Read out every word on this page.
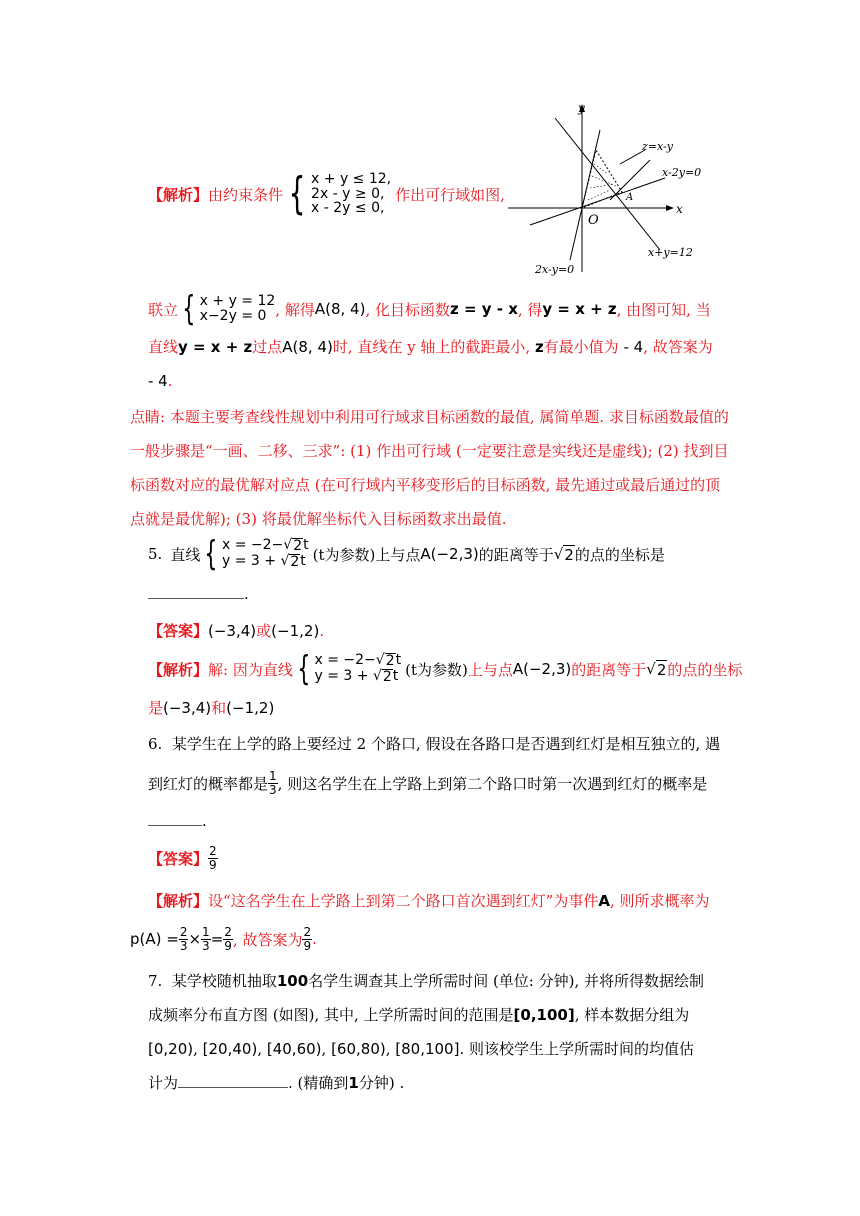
y
x
O
A
z=x-y
x-2y=0
x+y=12
2x-y=0
【解析】 由约束条件 { x + y ≤ 12,
2x - y ≥ 0,
x - 2y ≤ 0,
作出可行域如图,
联立 { x + y = 12
x−2y = 0 , 解得 A(8, 4) , 化目标函数 z = y - x , 得 y = x + z , 由图可知, 当
直线y = x + z过点A(8, 4)时, 直线在 y 轴上的截距最小, z有最小值为 - 4, 故答案为
- 4.
点睛: 本题主要考查线性规划中利用可行域求目标函数的最值, 属简单题. 求目标函数最值的一般步骤是“一画、二移、三求”: (1) 作出可行域 (一定要注意是实线还是虚线); (2) 找到目标函数对应的最优解对应点 (在可行域内平移变形后的目标函数, 最先通过或最后通过的顶点就是最优解); (3) 将最优解坐标代入目标函数求出最值.
5. 直线 { x = −2−√ 2 t
y = 3 + √ 2 t (t为参数) 上与点 A(−2,3) 的距离等于 √ 2 的点的坐标是
.
【答案】(−3,4)或(−1,2).
【解析】 解: 因为直线 { x = −2−√ 2 t
y = 3 + √ 2 t (t为参数) 上与点 A(−2,3) 的距离等于 √ 2 的点的坐标
是(−3,4)和(−1,2)
6. 某学生在上学的路上要经过 2 个路口, 假设在各路口是否遇到红灯是相互独立的, 遇
到红灯的概率都是 $\frac{1}{3}$ , 则这名学生在上学路上到第二个路口时第一次遇到红灯的概率是
.
【答案】 $\frac{2}{9}$
【解析】设“这名学生在上学路上到第二个路口首次遇到红灯”为事件A, 则所求概率为
$p(A) = \frac{2}{3} \times \frac{1}{3} = \frac{2}{9}$ , 故答案为 $\frac{2}{9}$ .
7. 某学校随机抽取100名学生调查其上学所需时间 (单位: 分钟), 并将所得数据绘制
成频率分布直方图 (如图), 其中, 上学所需时间的范围是[0,100], 样本数据分组为
[0,20), [20,40), [40,60), [60,80), [80,100]. 则该校学生上学所需时间的均值估
计为	. (精确到1分钟) .
